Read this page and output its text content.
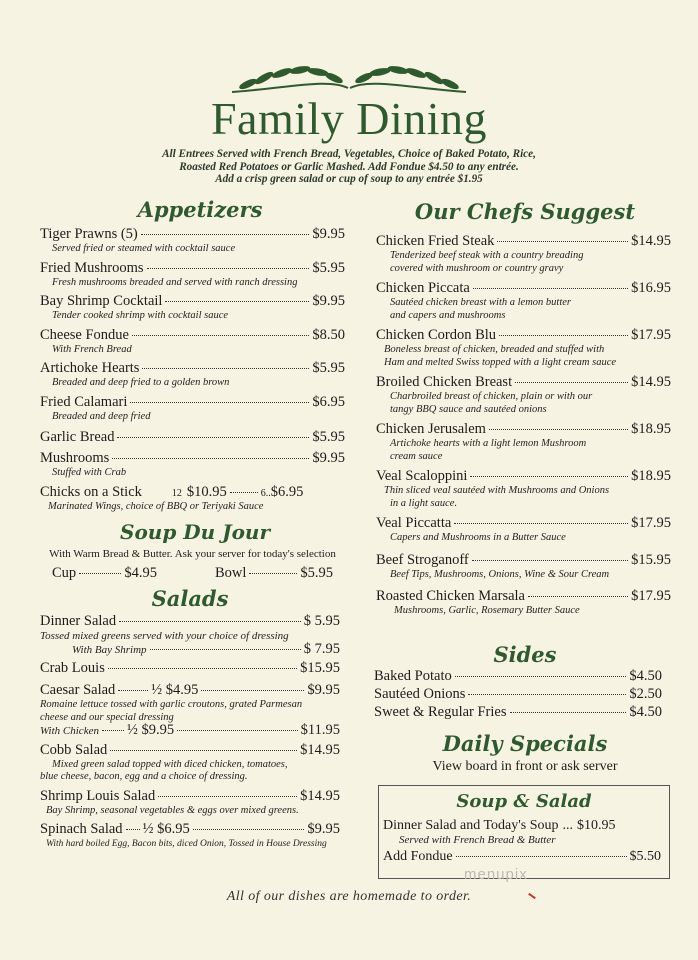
Family Dining
All Entrees Served with French Bread, Vegetables, Choice of Baked Potato, Rice,
Roasted Red Potatoes or Garlic Mashed. Add Fondue $4.50 to any entrée.
Add a crisp green salad or cup of soup to any entrée $1.95
Appetizers
Tiger Prawns (5)	$9.95
Served fried or steamed with cocktail sauce
Fried Mushrooms	$5.95
Fresh mushrooms breaded and served with ranch dressing
Bay Shrimp Cocktail	$9.95
Tender cooked shrimp with cocktail sauce
Cheese Fondue	$8.50
With French Bread
Artichoke Hearts	$5.95
Breaded and deep fried to a golden brown
Fried Calamari	$6.95
Breaded and deep fried
Garlic Bread	$5.95
Mushrooms	$9.95
Stuffed with Crab
Chicks on a Stick	12 $10.95	6 .. $6.95
Marinated Wings, choice of BBQ or Teriyaki Sauce
Soup Du Jour
With Warm Bread & Butter. Ask your server for today's selection
Cup	$4.95	Bowl	$5.95
Salads
Dinner Salad	$ 5.95
Tossed mixed greens served with your choice of dressing
With Bay Shrimp	$ 7.95
Crab Louis	$15.95
Caesar Salad ½ $4.95	$9.95
Romaine lettuce tossed with garlic croutons, grated Parmesan
cheese and our special dressing
With Chicken ½ $9.95	$11.95
Cobb Salad	$14.95
Mixed green salad topped with diced chicken, tomatoes,
blue cheese, bacon, egg and a choice of dressing.
Shrimp Louis Salad	$14.95
Bay Shrimp, seasonal vegetables & eggs over mixed greens.
Spinach Salad ½ $6.95	$9.95
With hard boiled Egg, Bacon bits, diced Onion, Tossed in House Dressing
Our Chefs Suggest
Chicken Fried Steak	$14.95
Tenderized beef steak with a country breading
covered with mushroom or country gravy
Chicken Piccata	$16.95
Sautéed chicken breast with a lemon butter
and capers and mushrooms
Chicken Cordon Blu	$17.95
Boneless breast of chicken, breaded and stuffed with
Ham and melted Swiss topped with a light cream sauce
Broiled Chicken Breast	$14.95
Charbroiled breast of chicken, plain or with our
tangy BBQ sauce and sautéed onions
Chicken Jerusalem	$18.95
Artichoke hearts with a light lemon Mushroom
cream sauce
Veal Scaloppini	$18.95
Thin sliced veal sautéed with Mushrooms and Onions
in a light sauce.
Veal Piccatta	$17.95
Capers and Mushrooms in a Butter Sauce
Beef Stroganoff	$15.95
Beef Tips, Mushrooms, Onions, Wine & Sour Cream
Roasted Chicken Marsala	$17.95
Mushrooms, Garlic, Rosemary Butter Sauce
Sides
Baked Potato	$4.50
Sautéed Onions	$2.50
Sweet & Regular Fries	$4.50
Daily Specials
View board in front or ask server
Soup & Salad
Dinner Salad and Today's Soup ... $10.95
Served with French Bread & Butter
Add Fondue	$5.50
menupix
All of our dishes are homemade to order.
